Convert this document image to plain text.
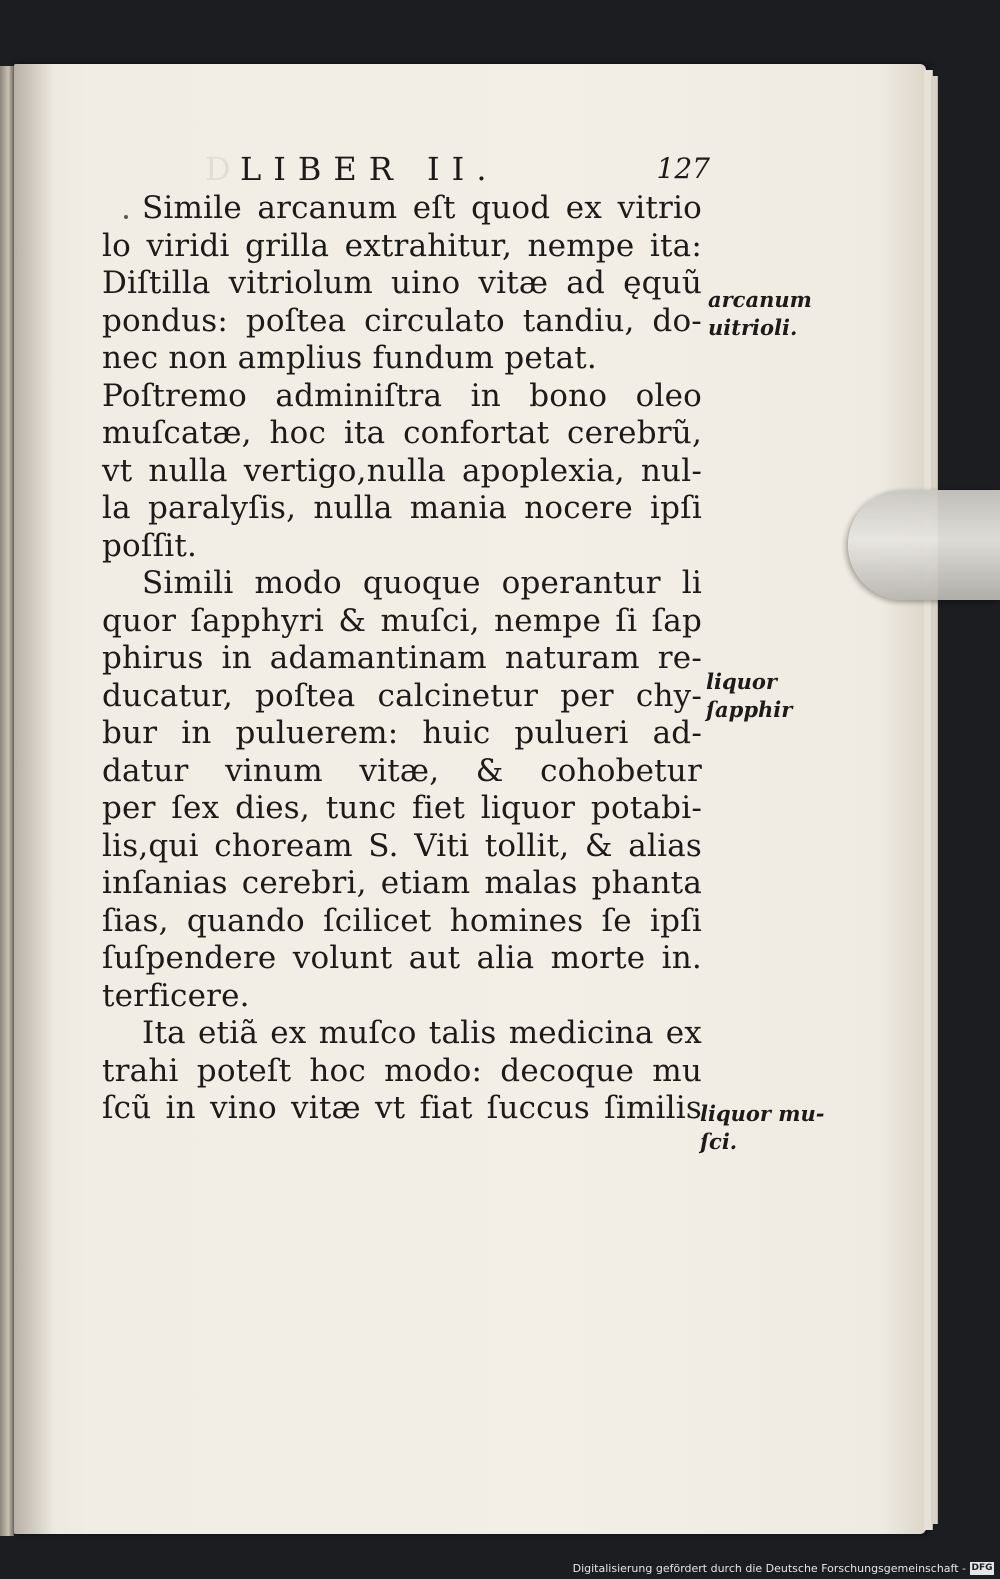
D LIBER II.	127
Simile arcanum eſt quod ex vitrio
lo viridi grilla extrahitur, nempe ita:
Diſtilla vitriolum uino vitæ ad ęquũ
pondus: poſtea circulato tandiu, do-
nec non amplius fundum petat.
Poſtremo adminiſtra in bono oleo
muſcatæ, hoc ita confortat cerebrũ,
vt nulla vertigo,nulla apoplexia, nul-
la paralyſis, nulla mania nocere ipſi
poſſit.
Simili modo quoque operantur li
quor ſapphyri & muſci, nempe ſi ſap
phirus in adamantinam naturam re-
ducatur, poſtea calcinetur per chy-
bur in puluerem: huic pulueri ad-
datur vinum vitæ, & cohobetur
per ſex dies, tunc fiet liquor potabi-
lis,qui choream S. Viti tollit, & alias
inſanias cerebri, etiam malas phanta
ſias, quando ſcilicet homines ſe ipſi
ſuſpendere volunt aut alia morte in.
terficere.
Ita etiã ex muſco talis medicina ex
trahi poteſt hoc modo: decoque mu
ſcũ in vino vitæ vt fiat ſuccus ſimilis
arcanum
uitrioli.
liquor
ſapphir
liquor mu-
ſci.
Digitalisierung gefördert durch die Deutsche Forschungsgemeinschaft - DFG
